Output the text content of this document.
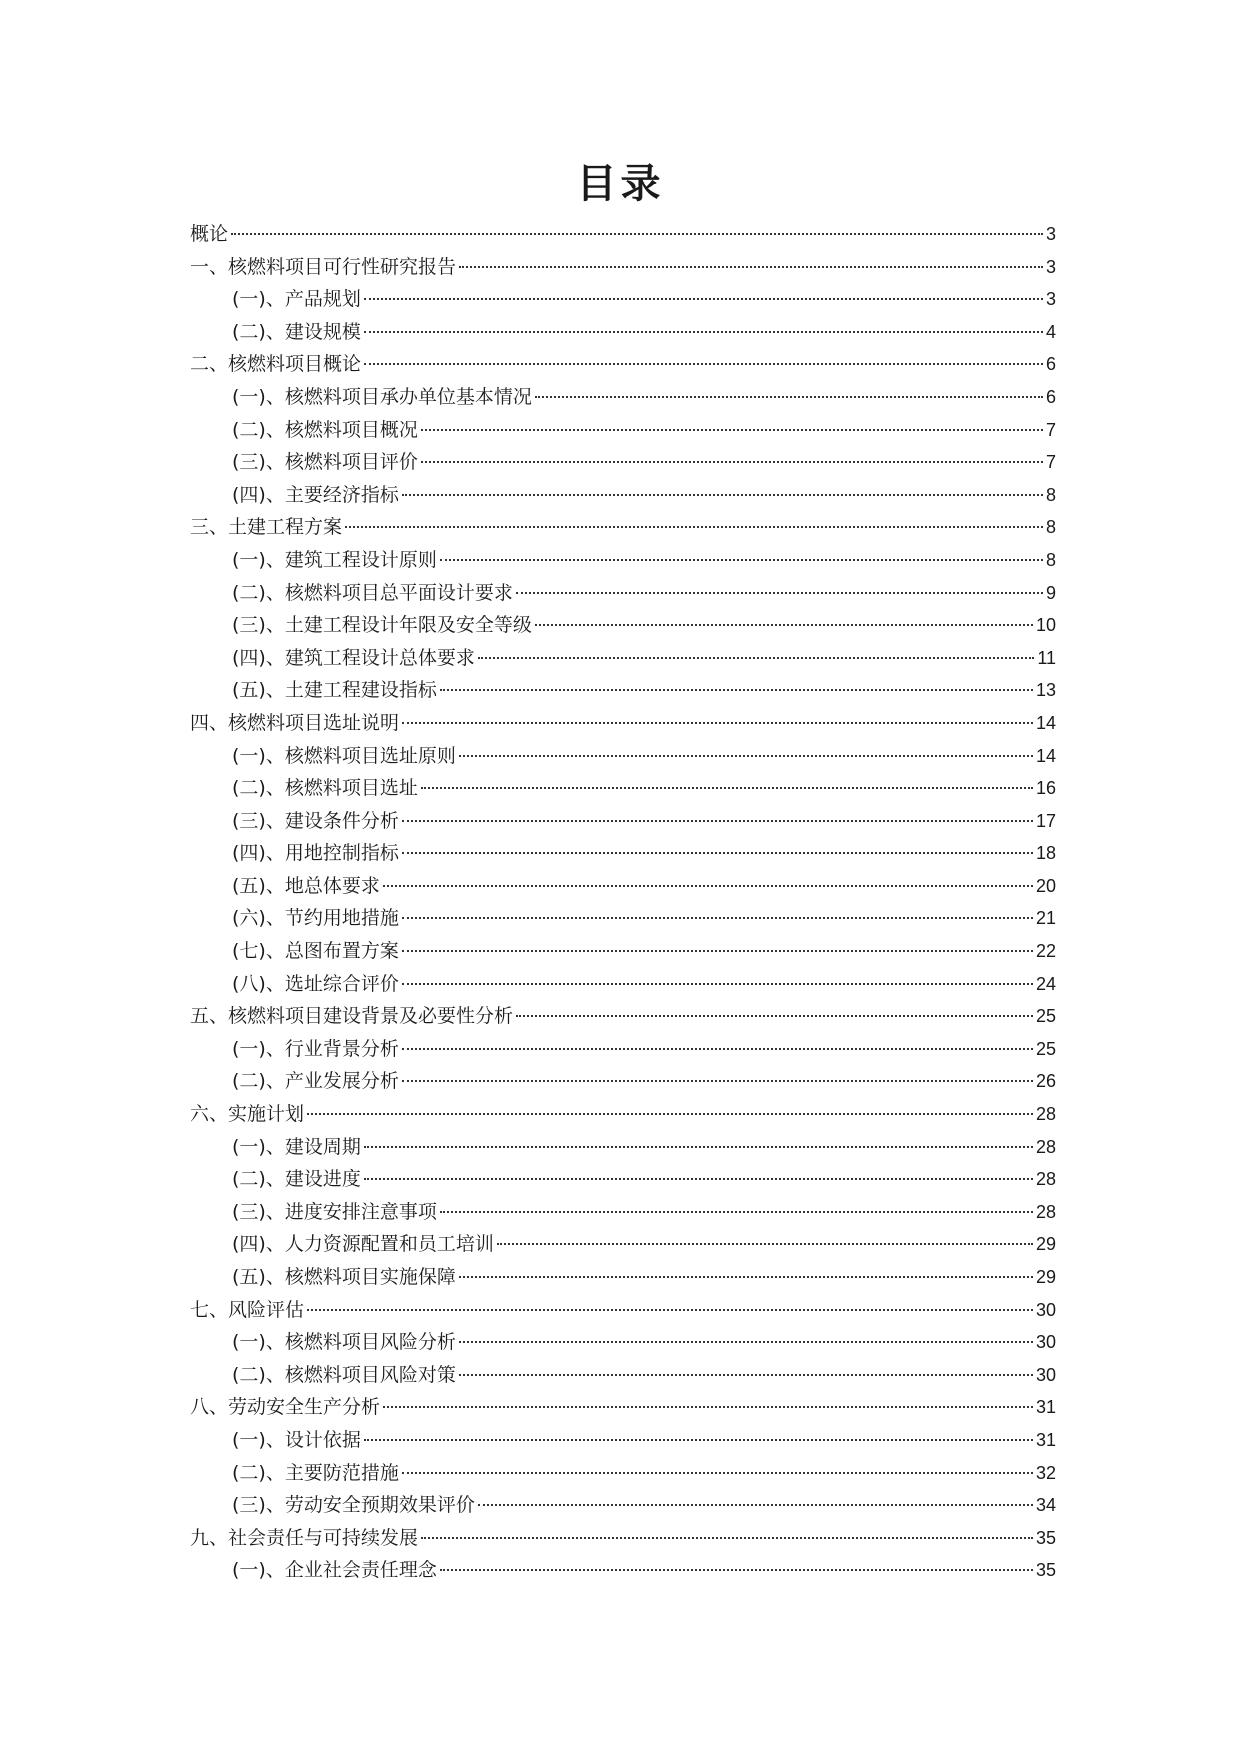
目录
概论	3
一、核燃料项目可行性研究报告	3
(一)、产品规划	3
(二)、建设规模	4
二、核燃料项目概论	6
(一)、核燃料项目承办单位基本情况	6
(二)、核燃料项目概况	7
(三)、核燃料项目评价	7
(四)、主要经济指标	8
三、土建工程方案	8
(一)、建筑工程设计原则	8
(二)、核燃料项目总平面设计要求	9
(三)、土建工程设计年限及安全等级	10
(四)、建筑工程设计总体要求	11
(五)、土建工程建设指标	13
四、核燃料项目选址说明	14
(一)、核燃料项目选址原则	14
(二)、核燃料项目选址	16
(三)、建设条件分析	17
(四)、用地控制指标	18
(五)、地总体要求	20
(六)、节约用地措施	21
(七)、总图布置方案	22
(八)、选址综合评价	24
五、核燃料项目建设背景及必要性分析	25
(一)、行业背景分析	25
(二)、产业发展分析	26
六、实施计划	28
(一)、建设周期	28
(二)、建设进度	28
(三)、进度安排注意事项	28
(四)、人力资源配置和员工培训	29
(五)、核燃料项目实施保障	29
七、风险评估	30
(一)、核燃料项目风险分析	30
(二)、核燃料项目风险对策	30
八、劳动安全生产分析	31
(一)、设计依据	31
(二)、主要防范措施	32
(三)、劳动安全预期效果评价	34
九、社会责任与可持续发展	35
(一)、企业社会责任理念	35
